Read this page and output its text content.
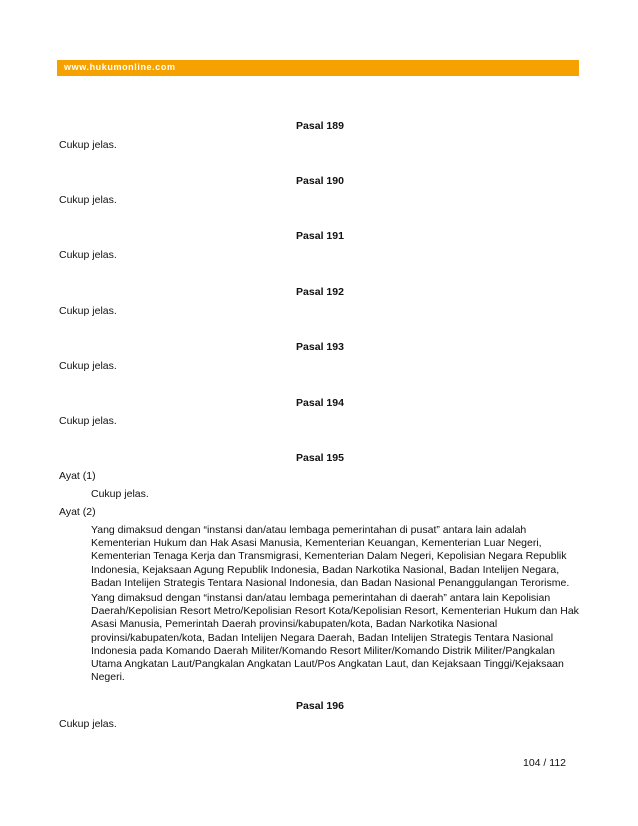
www.hukumonline.com
Pasal 189
Cukup jelas.
Pasal 190
Cukup jelas.
Pasal 191
Cukup jelas.
Pasal 192
Cukup jelas.
Pasal 193
Cukup jelas.
Pasal 194
Cukup jelas.
Pasal 195
Ayat (1)
Cukup jelas.
Ayat (2)
Yang dimaksud dengan “instansi dan/atau lembaga pemerintahan di pusat” antara lain adalah
Kementerian Hukum dan Hak Asasi Manusia, Kementerian Keuangan, Kementerian Luar Negeri,
Kementerian Tenaga Kerja dan Transmigrasi, Kementerian Dalam Negeri, Kepolisian Negara Republik
Indonesia, Kejaksaan Agung Republik Indonesia, Badan Narkotika Nasional, Badan Intelijen Negara,
Badan Intelijen Strategis Tentara Nasional Indonesia, dan Badan Nasional Penanggulangan Terorisme.
Yang dimaksud dengan “instansi dan/atau lembaga pemerintahan di daerah” antara lain Kepolisian
Daerah/Kepolisian Resort Metro/Kepolisian Resort Kota/Kepolisian Resort, Kementerian Hukum dan Hak
Asasi Manusia, Pemerintah Daerah provinsi/kabupaten/kota, Badan Narkotika Nasional
provinsi/kabupaten/kota, Badan Intelijen Negara Daerah, Badan Intelijen Strategis Tentara Nasional
Indonesia pada Komando Daerah Militer/Komando Resort Militer/Komando Distrik Militer/Pangkalan
Utama Angkatan Laut/Pangkalan Angkatan Laut/Pos Angkatan Laut, dan Kejaksaan Tinggi/Kejaksaan
Negeri.
Pasal 196
Cukup jelas.
104 / 112
